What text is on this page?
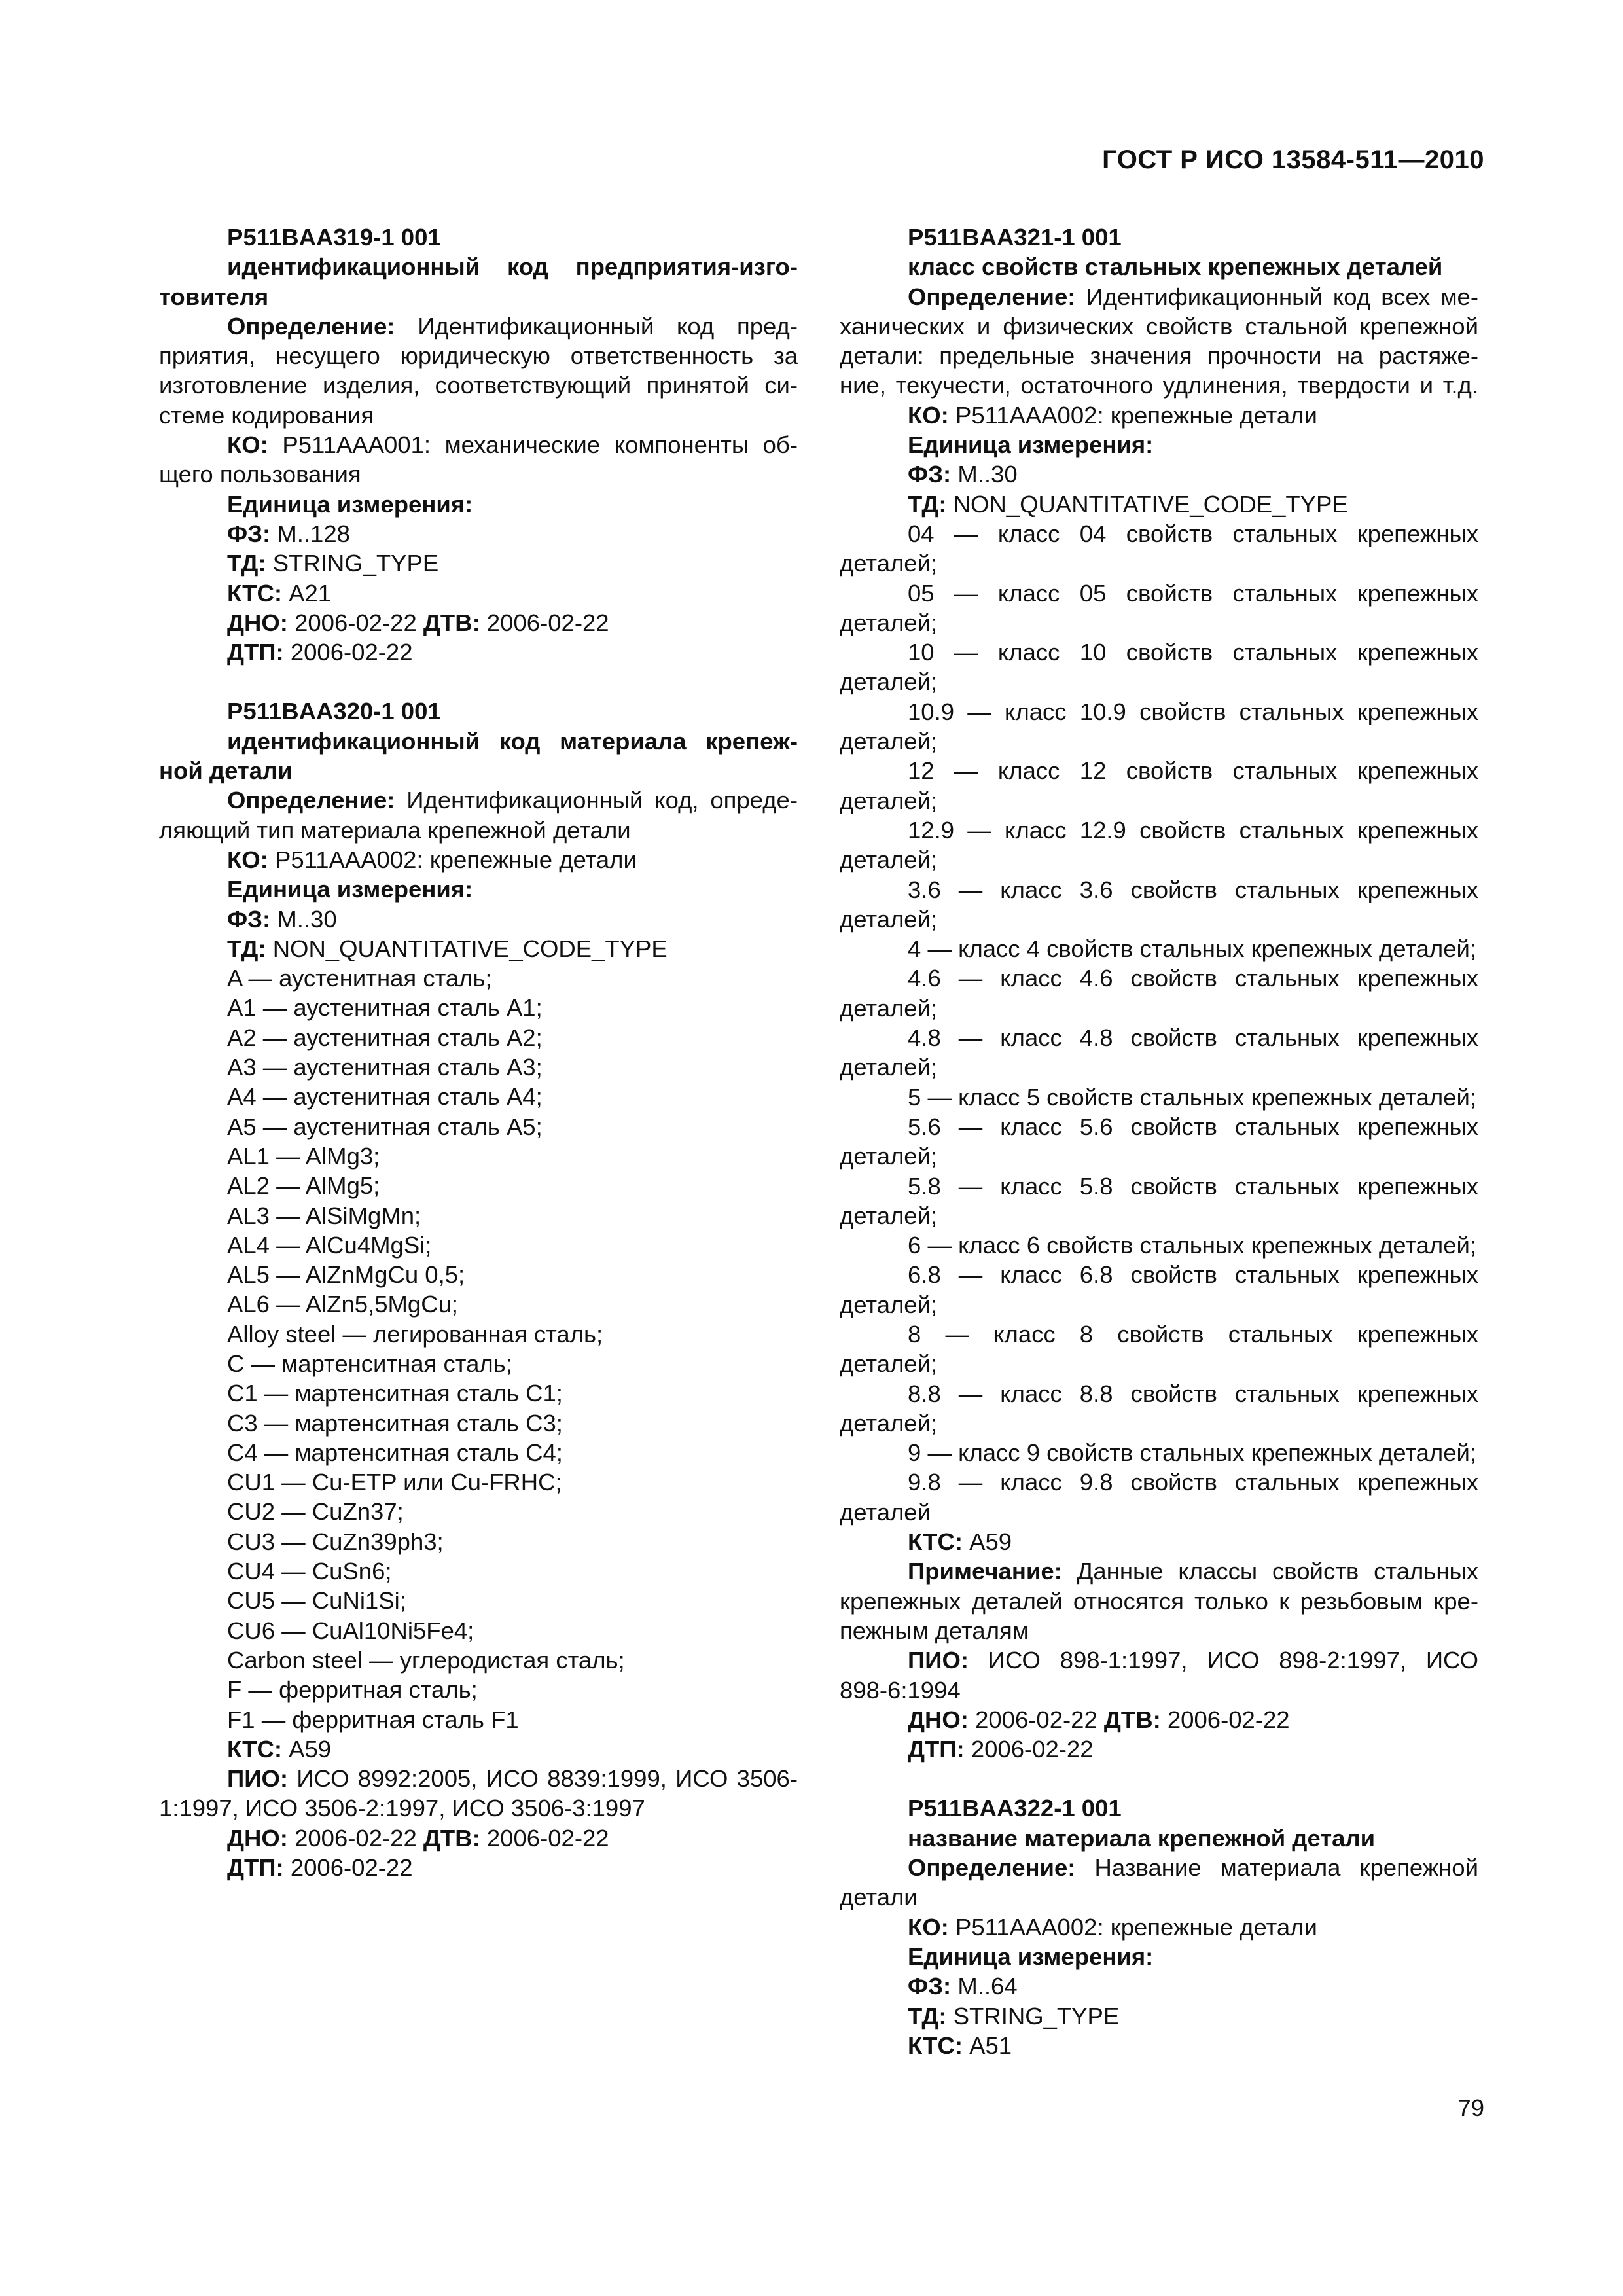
ГОСТ Р ИСО 13584-511—2010

P511BAA319-1 001

идентификационный код предприятия-изго-

товителя

Определение: Идентификационный код пред-

приятия, несущего юридическую ответственность за

изготовление изделия, соответствующий принятой си-

стеме кодирования

КО: P511AAA001: механические компоненты об-

щего пользования

Единица измерения:

ФЗ: M..128

ТД: STRING_TYPE

КТС: A21

ДНО: 2006-02-22 ДТВ: 2006-02-22

ДТП: 2006-02-22

P511BAA320-1 001

идентификационный код материала крепеж-

ной детали

Определение: Идентификационный код, опреде-

ляющий тип материала крепежной детали

КО: P511AAA002: крепежные детали

Единица измерения:

ФЗ: M..30

ТД: NON_QUANTITATIVE_CODE_TYPE

A — аустенитная сталь;

A1 — аустенитная сталь A1;

A2 — аустенитная сталь A2;

A3 — аустенитная сталь A3;

A4 — аустенитная сталь A4;

A5 — аустенитная сталь A5;

AL1 — AlMg3;

AL2 — AlMg5;

AL3 — AlSiMgMn;

AL4 — AlCu4MgSi;

AL5 — AlZnMgCu 0,5;

AL6 — AlZn5,5MgCu;

Alloy steel — легированная сталь;

C — мартенситная сталь;

C1 — мартенситная сталь C1;

C3 — мартенситная сталь C3;

C4 — мартенситная сталь C4;

CU1 — Cu-ETP или Cu-FRHC;

CU2 — CuZn37;

CU3 — CuZn39ph3;

CU4 — CuSn6;

CU5 — CuNi1Si;

CU6 — CuAl10Ni5Fe4;

Carbon steel — углеродистая сталь;

F — ферритная сталь;

F1 — ферритная сталь F1

КТС: A59

ПИО: ИСО 8992:2005, ИСО 8839:1999, ИСО 3506-

1:1997, ИСО 3506-2:1997, ИСО 3506-3:1997

ДНО: 2006-02-22 ДТВ: 2006-02-22

ДТП: 2006-02-22

P511BAA321-1 001

класс свойств стальных крепежных деталей

Определение: Идентификационный код всех ме-

ханических и физических свойств стальной крепежной

детали: предельные значения прочности на растяже-

ние, текучести, остаточного удлинения, твердости и т.д.

КО: P511AAA002: крепежные детали

Единица измерения:

ФЗ: M..30

ТД: NON_QUANTITATIVE_CODE_TYPE

04 — класс 04 свойств стальных крепежных

деталей;

05 — класс 05 свойств стальных крепежных

деталей;

10 — класс 10 свойств стальных крепежных

деталей;

10.9 — класс 10.9 свойств стальных крепежных

деталей;

12 — класс 12 свойств стальных крепежных

деталей;

12.9 — класс 12.9 свойств стальных крепежных

деталей;

3.6 — класс 3.6 свойств стальных крепежных

деталей;

4 — класс 4 свойств стальных крепежных деталей;

4.6 — класс 4.6 свойств стальных крепежных

деталей;

4.8 — класс 4.8 свойств стальных крепежных

деталей;

5 — класс 5 свойств стальных крепежных деталей;

5.6 — класс 5.6 свойств стальных крепежных

деталей;

5.8 — класс 5.8 свойств стальных крепежных

деталей;

6 — класс 6 свойств стальных крепежных деталей;

6.8 — класс 6.8 свойств стальных крепежных

деталей;

8 — класс 8 свойств стальных крепежных

деталей;

8.8 — класс 8.8 свойств стальных крепежных

деталей;

9 — класс 9 свойств стальных крепежных деталей;

9.8 — класс 9.8 свойств стальных крепежных

деталей

КТС: A59

Примечание: Данные классы свойств стальных

крепежных деталей относятся только к резьбовым кре-

пежным деталям

ПИО: ИСО 898-1:1997, ИСО 898-2:1997, ИСО

898-6:1994

ДНО: 2006-02-22 ДТВ: 2006-02-22

ДТП: 2006-02-22

P511BAA322-1 001

название материала крепежной детали

Определение: Название материала крепежной

детали

КО: P511AAA002: крепежные детали

Единица измерения:

ФЗ: M..64

ТД: STRING_TYPE

КТС: A51

79
